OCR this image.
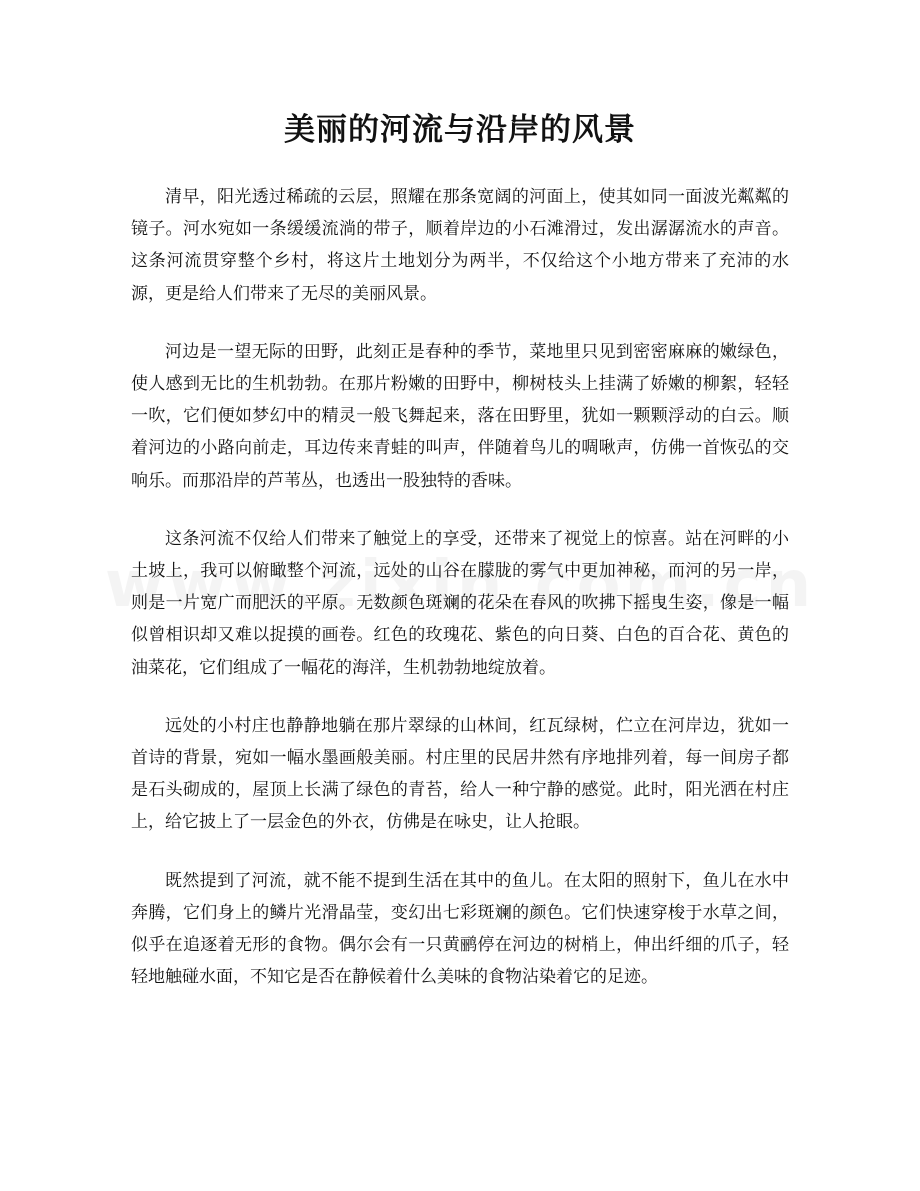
美丽的河流与沿岸的风景

清早，阳光透过稀疏的云层，照耀在那条宽阔的河面上，使其如同一面波光粼粼的镜子。河水宛如一条缓缓流淌的带子，顺着岸边的小石滩滑过，发出潺潺流水的声音。这条河流贯穿整个乡村，将这片土地划分为两半，不仅给这个小地方带来了充沛的水源，更是给人们带来了无尽的美丽风景。

河边是一望无际的田野，此刻正是春种的季节，菜地里只见到密密麻麻的嫩绿色，使人感到无比的生机勃勃。在那片粉嫩的田野中，柳树枝头上挂满了娇嫩的柳絮，轻轻一吹，它们便如梦幻中的精灵一般飞舞起来，落在田野里，犹如一颗颗浮动的白云。顺着河边的小路向前走，耳边传来青蛙的叫声，伴随着鸟儿的啁啾声，仿佛一首恢弘的交响乐。而那沿岸的芦苇丛，也透出一股独特的香味。

这条河流不仅给人们带来了触觉上的享受，还带来了视觉上的惊喜。站在河畔的小土坡上，我可以俯瞰整个河流，远处的山谷在朦胧的雾气中更加神秘，而河的另一岸，则是一片宽广而肥沃的平原。无数颜色斑斓的花朵在春风的吹拂下摇曳生姿，像是一幅似曾相识却又难以捉摸的画卷。红色的玫瑰花、紫色的向日葵、白色的百合花、黄色的油菜花，它们组成了一幅花的海洋，生机勃勃地绽放着。

远处的小村庄也静静地躺在那片翠绿的山林间，红瓦绿树，伫立在河岸边，犹如一首诗的背景，宛如一幅水墨画般美丽。村庄里的民居井然有序地排列着，每一间房子都是石头砌成的，屋顶上长满了绿色的青苔，给人一种宁静的感觉。此时，阳光洒在村庄上，给它披上了一层金色的外衣，仿佛是在咏史，让人抢眼。

既然提到了河流，就不能不提到生活在其中的鱼儿。在太阳的照射下，鱼儿在水中奔腾，它们身上的鳞片光滑晶莹，变幻出七彩斑斓的颜色。它们快速穿梭于水草之间，似乎在追逐着无形的食物。偶尔会有一只黄鹂停在河边的树梢上，伸出纤细的爪子，轻轻地触碰水面，不知它是否在静候着什么美味的食物沾染着它的足迹。
